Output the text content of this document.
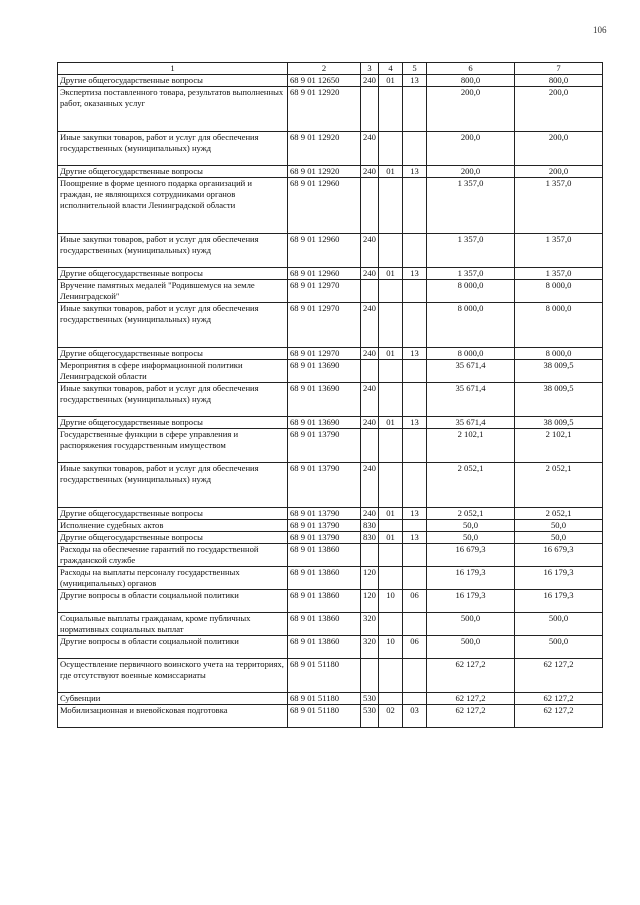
106
1	2	3	4	5	6	7
Другие общегосударственные вопросы	68 9 01 12650	240	01	13	800,0	800,0
Экспертиза поставленного товара, результатов выполненных работ, оказанных услуг	68 9 01 12920				200,0	200,0
Иные закупки товаров, работ и услуг для обеспечения государственных (муниципальных) нужд	68 9 01 12920	240			200,0	200,0
Другие общегосударственные вопросы	68 9 01 12920	240	01	13	200,0	200,0
Поощрение в форме ценного подарка организаций и граждан, не являющихся сотрудниками органов исполнительной власти Ленинградской области	68 9 01 12960				1 357,0	1 357,0
Иные закупки товаров, работ и услуг для обеспечения государственных (муниципальных) нужд	68 9 01 12960	240			1 357,0	1 357,0
Другие общегосударственные вопросы	68 9 01 12960	240	01	13	1 357,0	1 357,0
Вручение памятных медалей "Родившемуся на земле Ленинградской"	68 9 01 12970				8 000,0	8 000,0
Иные закупки товаров, работ и услуг для обеспечения государственных (муниципальных) нужд	68 9 01 12970	240			8 000,0	8 000,0
Другие общегосударственные вопросы	68 9 01 12970	240	01	13	8 000,0	8 000,0
Мероприятия в сфере информационной политики Ленинградской области	68 9 01 13690				35 671,4	38 009,5
Иные закупки товаров, работ и услуг для обеспечения государственных (муниципальных) нужд	68 9 01 13690	240			35 671,4	38 009,5
Другие общегосударственные вопросы	68 9 01 13690	240	01	13	35 671,4	38 009,5
Государственные функции в сфере управления и распоряжения государственным имуществом	68 9 01 13790				2 102,1	2 102,1
Иные закупки товаров, работ и услуг для обеспечения государственных (муниципальных) нужд	68 9 01 13790	240			2 052,1	2 052,1
Другие общегосударственные вопросы	68 9 01 13790	240	01	13	2 052,1	2 052,1
Исполнение судебных актов	68 9 01 13790	830			50,0	50,0
Другие общегосударственные вопросы	68 9 01 13790	830	01	13	50,0	50,0
Расходы на обеспечение гарантий по государственной гражданской службе	68 9 01 13860				16 679,3	16 679,3
Расходы на выплаты персоналу государственных (муниципальных) органов	68 9 01 13860	120			16 179,3	16 179,3
Другие вопросы в области социальной политики	68 9 01 13860	120	10	06	16 179,3	16 179,3
Социальные выплаты гражданам, кроме публичных нормативных социальных выплат	68 9 01 13860	320			500,0	500,0
Другие вопросы в области социальной политики	68 9 01 13860	320	10	06	500,0	500,0
Осуществление первичного воинского учета на территориях, где отсутствуют военные комиссариаты	68 9 01 51180				62 127,2	62 127,2
Субвенции	68 9 01 51180	530			62 127,2	62 127,2
Мобилизационная и вневойсковая подготовка	68 9 01 51180	530	02	03	62 127,2	62 127,2
